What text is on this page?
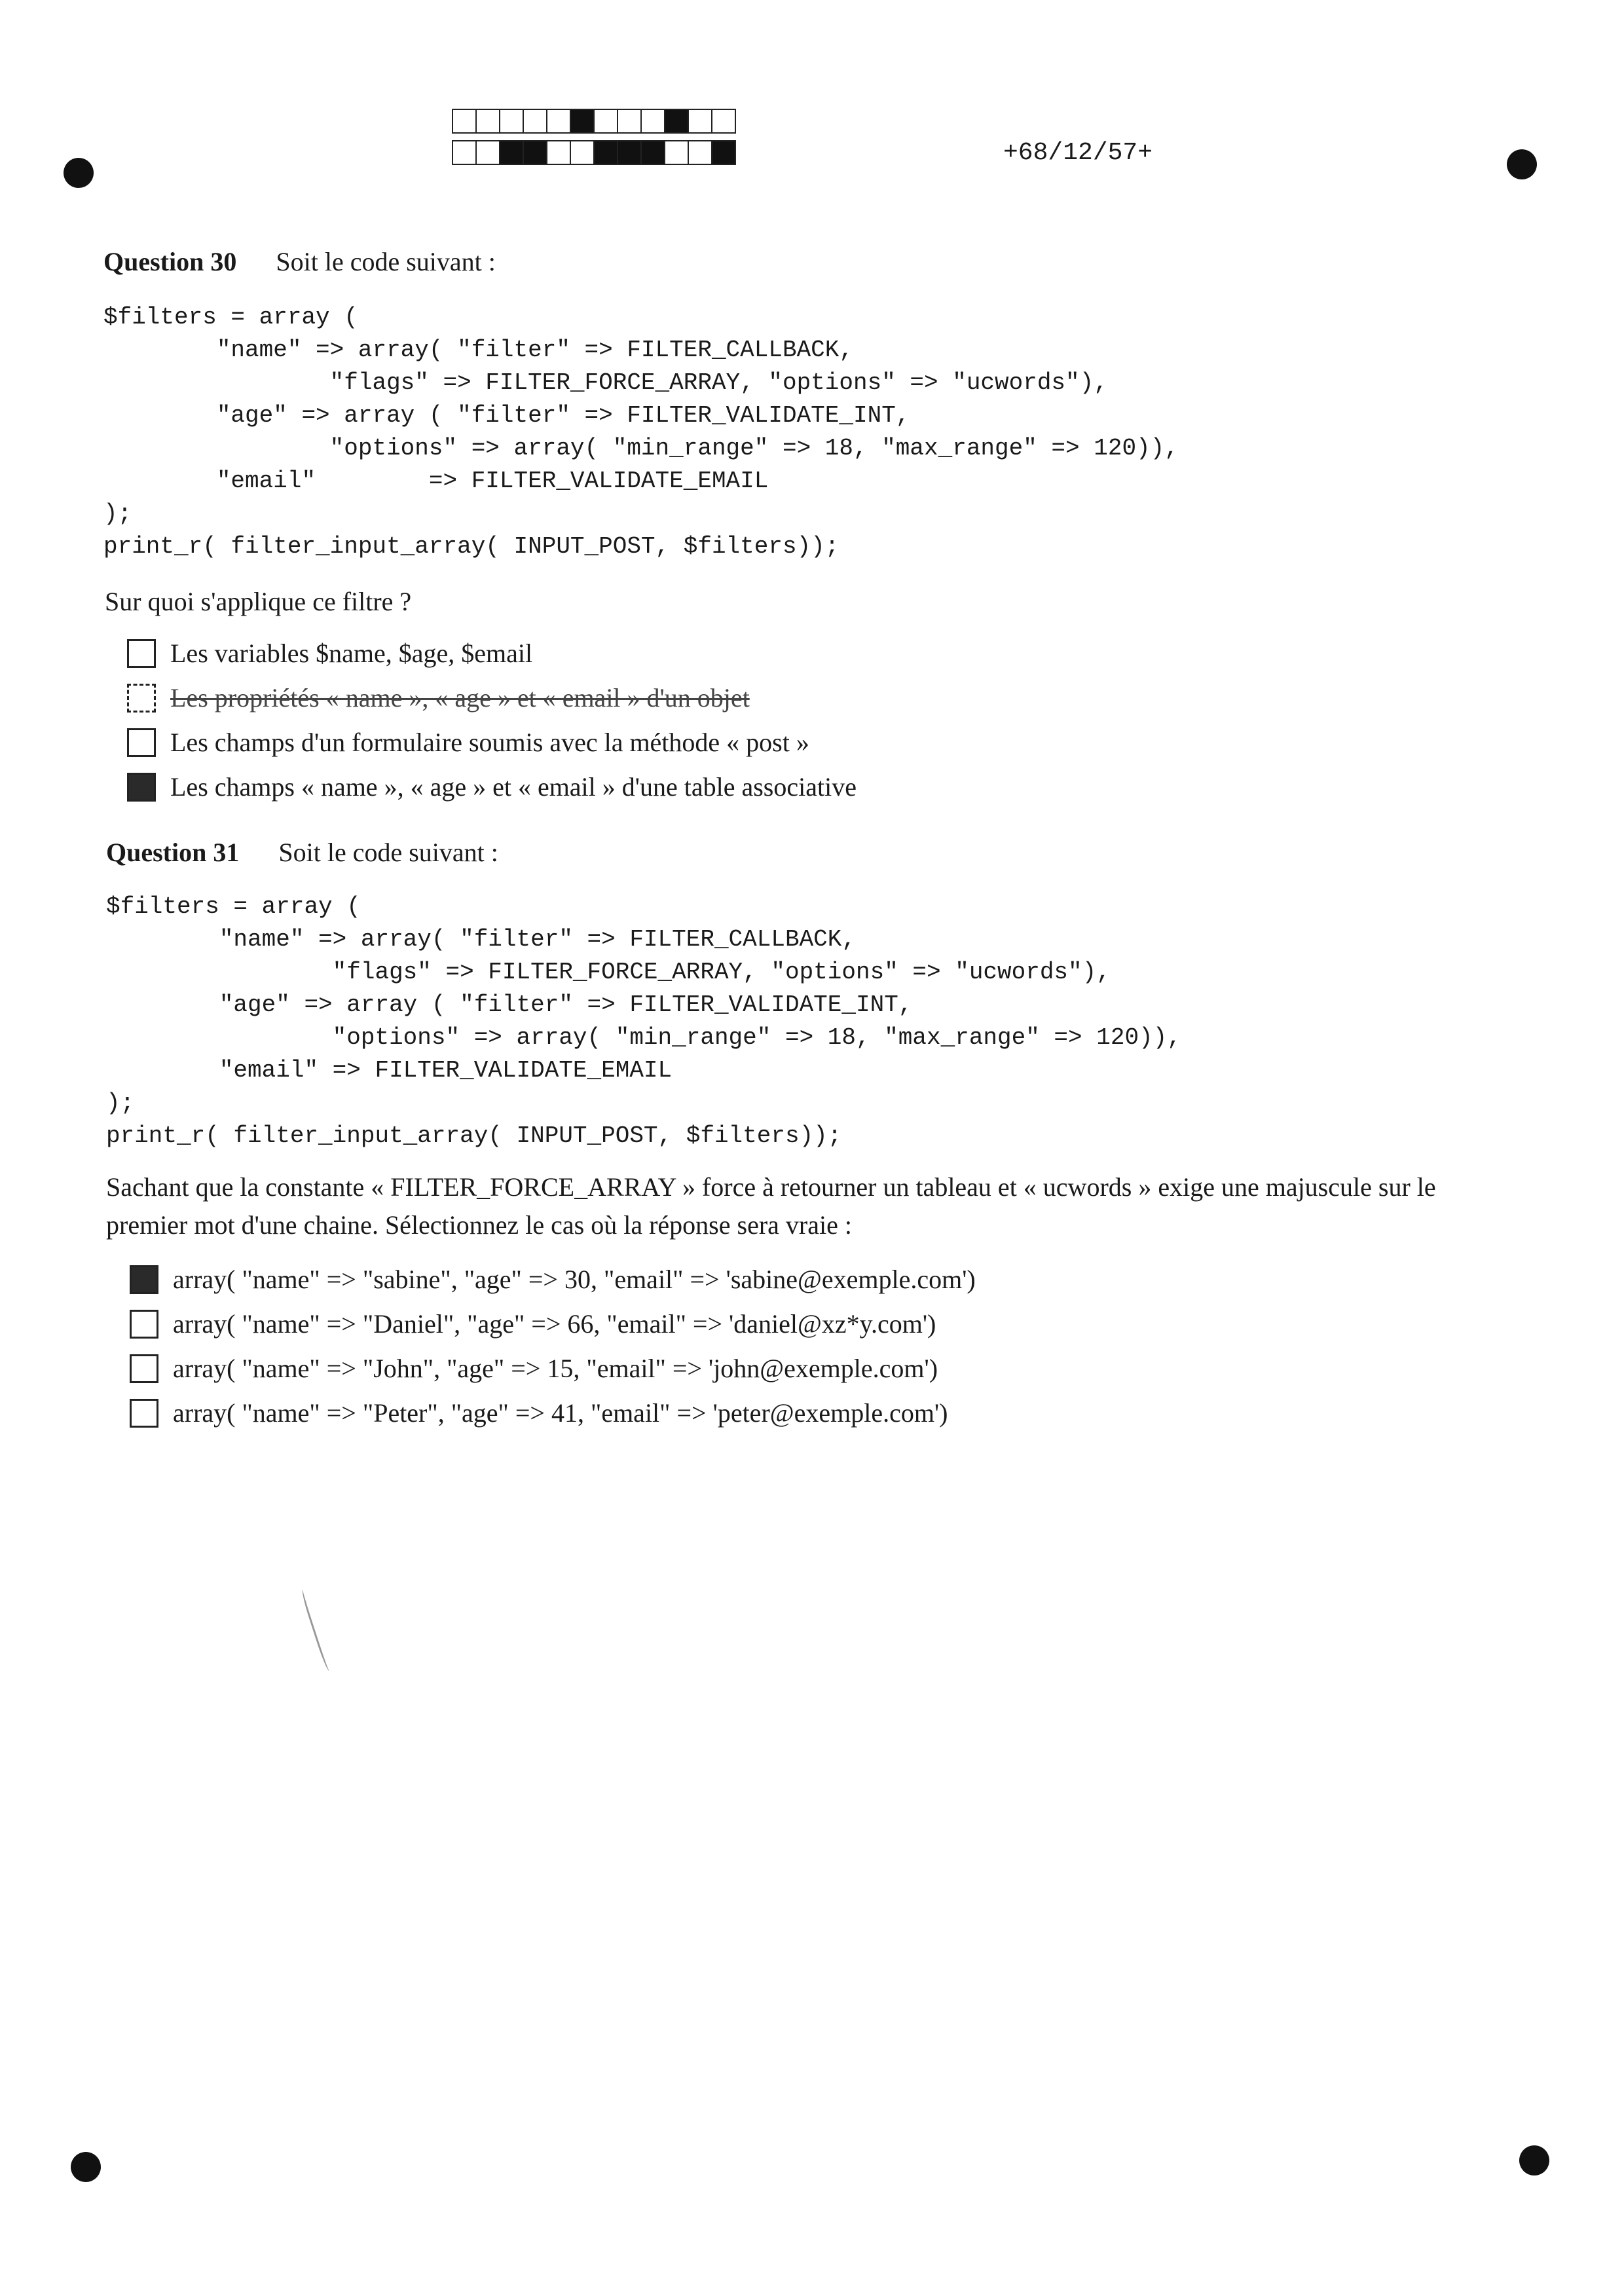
+68/12/57+
Question 30 Soit le code suivant :
$filters = array (
"name" => array( "filter" => FILTER_CALLBACK,
"flags" => FILTER_FORCE_ARRAY, "options" => "ucwords"),
"age" => array ( "filter" => FILTER_VALIDATE_INT,
"options" => array( "min_range" => 18, "max_range" => 120)),
"email"        => FILTER_VALIDATE_EMAIL
);
print_r( filter_input_array( INPUT_POST, $filters));
Sur quoi s'applique ce filtre ?
Les variables $name, $age, $email
Les propriétés « name », « age » et « email » d'un objet
Les champs d'un formulaire soumis avec la méthode « post »
Les champs « name », « age » et « email » d'une table associative
Question 31 Soit le code suivant :
$filters = array (
"name" => array( "filter" => FILTER_CALLBACK,
"flags" => FILTER_FORCE_ARRAY, "options" => "ucwords"),
"age" => array ( "filter" => FILTER_VALIDATE_INT,
"options" => array( "min_range" => 18, "max_range" => 120)),
"email" => FILTER_VALIDATE_EMAIL
);
print_r( filter_input_array( INPUT_POST, $filters));
Sachant que la constante « FILTER_FORCE_ARRAY » force à retourner un tableau et « ucwords » exige une majuscule sur le
premier mot d'une chaine. Sélectionnez le cas où la réponse sera vraie :
array( "name" => "sabine", "age" => 30, "email" => 'sabine@exemple.com')
array( "name" => "Daniel", "age" => 66, "email" => 'daniel@xz*y.com')
array( "name" => "John", "age" => 15, "email" => 'john@exemple.com')
array( "name" => "Peter", "age" => 41, "email" => 'peter@exemple.com')
